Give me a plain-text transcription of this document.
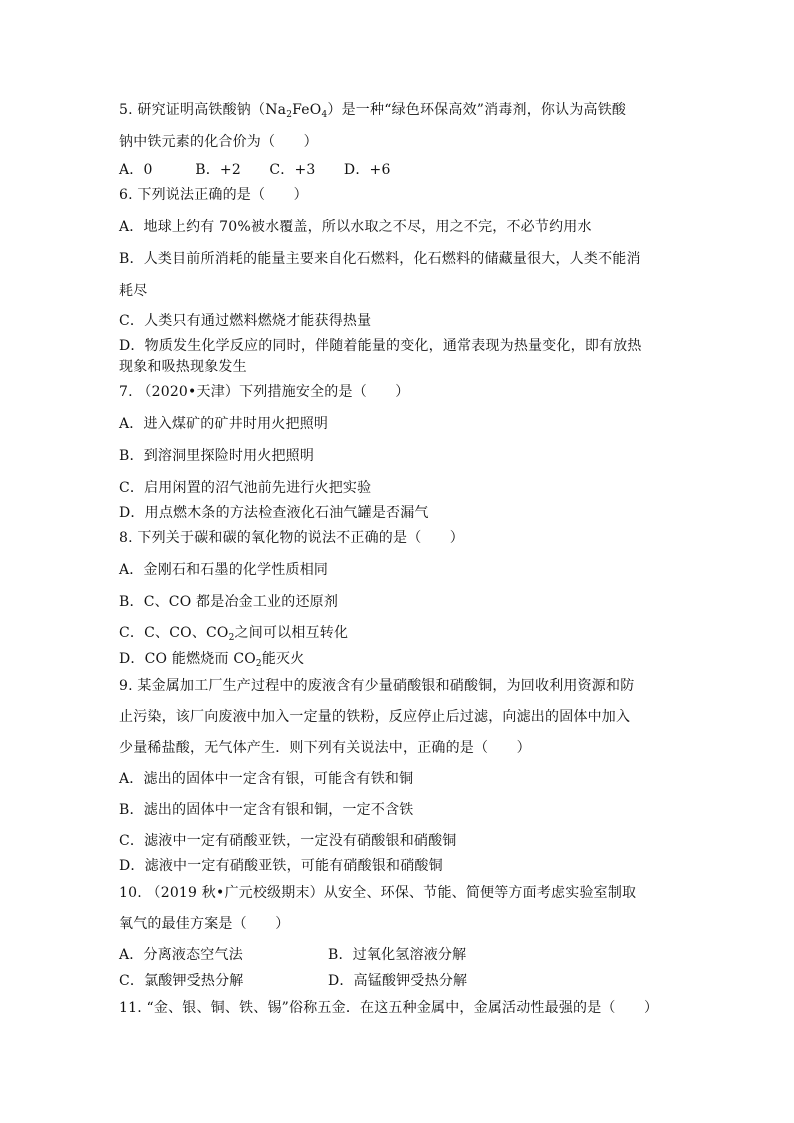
5. 研究证明高铁酸钠$(Na_2FeO_4)$是一种“绿色环保高效”消毒剂，你认为高铁酸
钠中铁元素的化合价为（　　）
A．0　　　B．+2　　C．+3　　D．+6
6. 下列说法正确的是（　　）
A．地球上约有 70%被水覆盖，所以水取之不尽，用之不完，不必节约用水
B．人类目前所消耗的能量主要来自化石燃料，化石燃料的储藏量很大，人类不能消
耗尽
C．人类只有通过燃料燃烧才能获得热量
D．物质发生化学反应的同时，伴随着能量的变化，通常表现为热量变化，即有放热
现象和吸热现象发生
7. （2020•天津）下列措施安全的是（　　）
A．进入煤矿的矿井时用火把照明
B．到溶洞里探险时用火把照明
C．启用闲置的沼气池前先进行火把实验
D．用点燃木条的方法检查液化石油气罐是否漏气
8. 下列关于碳和碳的氧化物的说法不正确的是（　　）
A．金刚石和石墨的化学性质相同
B．C、CO 都是冶金工业的还原剂
C．C、CO、$CO_2$之间可以相互转化
D．CO 能燃烧而 $CO_2$能灭火
9. 某金属加工厂生产过程中的废液含有少量硝酸银和硝酸铜，为回收利用资源和防
止污染，该厂向废液中加入一定量的铁粉，反应停止后过滤，向滤出的固体中加入
少量稀盐酸，无气体产生．则下列有关说法中，正确的是（　　）
A．滤出的固体中一定含有银，可能含有铁和铜
B．滤出的固体中一定含有银和铜，一定不含铁
C．滤液中一定有硝酸亚铁，一定没有硝酸银和硝酸铜
D．滤液中一定有硝酸亚铁，可能有硝酸银和硝酸铜
10. （2019 秋•广元校级期末）从安全、环保、节能、简便等方面考虑实验室制取
氧气的最佳方案是（　　）
A．分离液态空气法	B．过氧化氢溶液分解
C．氯酸钾受热分解	D．高锰酸钾受热分解
11. “金、银、铜、铁、锡”俗称五金．在这五种金属中，金属活动性最强的是（　　）
